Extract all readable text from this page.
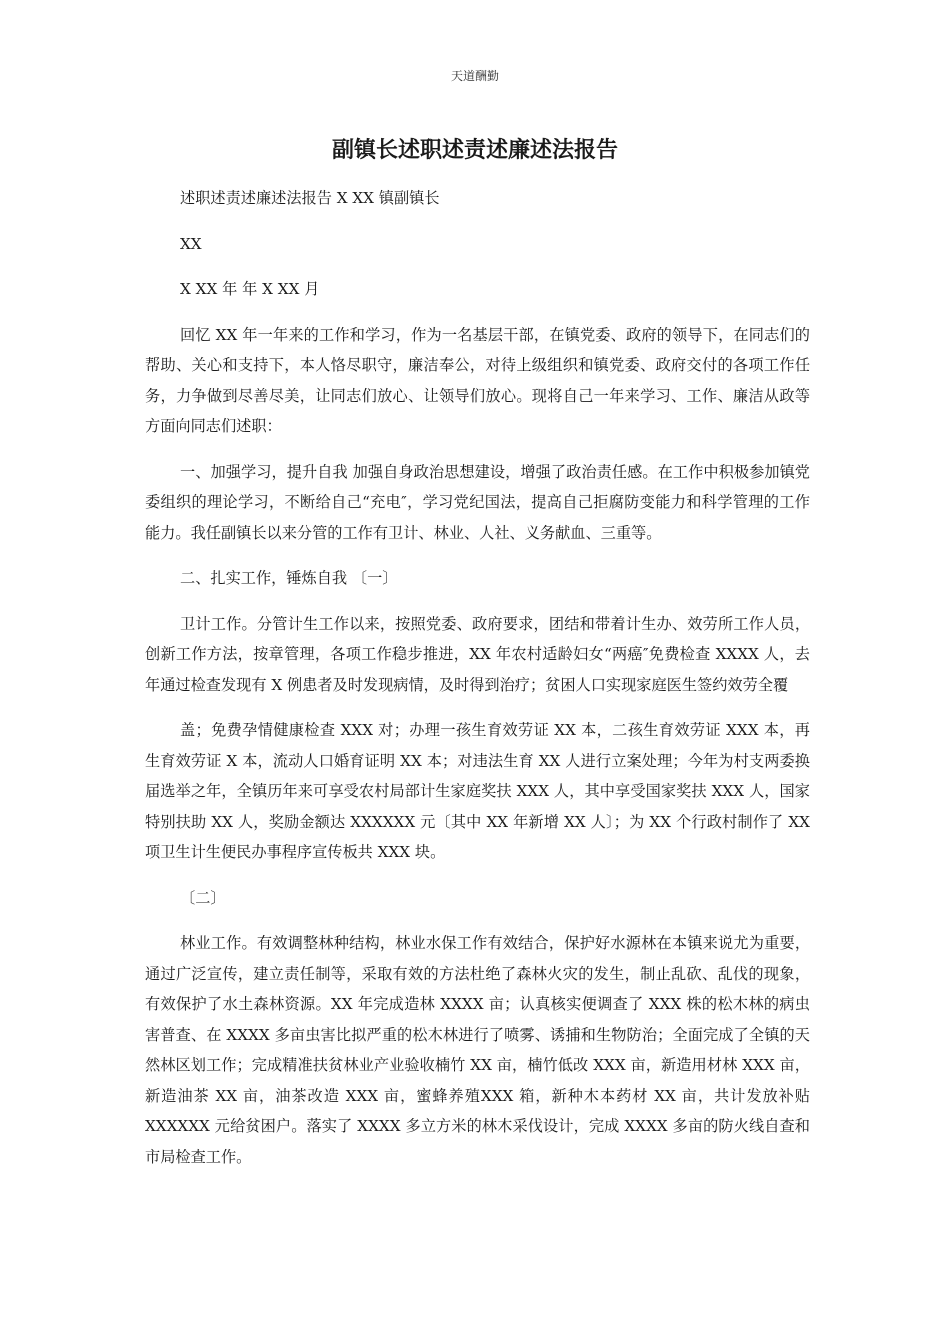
天道酬勤
副镇长述职述责述廉述法报告

述职述责述廉述法报告 X XX 镇副镇长

XX

X XX 年 年 X XX 月

回忆 XX 年一年来的工作和学习，作为一名基层干部，在镇党委、政府的领导下，在同志们的帮助、关心和支持下，本人恪尽职守，廉洁奉公，对待上级组织和镇党委、政府交付的各项工作任务，力争做到尽善尽美，让同志们放心、让领导们放心。现将自己一年来学习、工作、廉洁从政等方面向同志们述职：

一、加强学习，提升自我 加强自身政治思想建设，增强了政治责任感。在工作中积极参加镇党委组织的理论学习，不断给自己“充电″，学习党纪国法，提高自己拒腐防变能力和科学管理的工作能力。我任副镇长以来分管的工作有卫计、林业、人社、义务献血、三重等。

二、扎实工作，锤炼自我 〔一〕

卫计工作。分管计生工作以来，按照党委、政府要求，团结和带着计生办、效劳所工作人员，创新工作方法，按章管理，各项工作稳步推进，XX 年农村适龄妇女“两癌″免费检查 XXXX 人，去年通过检查发现有 X 例患者及时发现病情，及时得到治疗；贫困人口实现家庭医生签约效劳全覆

盖；免费孕情健康检查 XXX 对；办理一孩生育效劳证 XX 本，二孩生育效劳证 XXX 本，再生育效劳证 X 本，流动人口婚育证明 XX 本；对违法生育 XX 人进行立案处理；今年为村支两委换届选举之年，全镇历年来可享受农村局部计生家庭奖扶 XXX 人，其中享受国家奖扶 XXX 人，国家特别扶助 XX 人，奖励金额达 XXXXXX 元〔其中 XX 年新增 XX 人〕；为 XX 个行政村制作了 XX 项卫生计生便民办事程序宣传板共 XXX 块。

〔二〕

林业工作。有效调整林种结构，林业水保工作有效结合，保护好水源林在本镇来说尤为重要，通过广泛宣传，建立责任制等，采取有效的方法杜绝了森林火灾的发生，制止乱砍、乱伐的现象，有效保护了水土森林资源。XX 年完成造林 XXXX 亩；认真核实便调查了 XXX 株的松木林的病虫害普查、在 XXXX 多亩虫害比拟严重的松木林进行了喷雾、诱捕和生物防治；全面完成了全镇的天然林区划工作；完成精准扶贫林业产业验收楠竹 XX 亩，楠竹低改 XXX 亩，新造用材林 XXX 亩，新造油茶 XX 亩，油茶改造 XXX 亩，蜜蜂养殖XXX 箱，新种木本药材 XX 亩，共计发放补贴 XXXXXX 元给贫困户。落实了 XXXX 多立方米的林木采伐设计，完成 XXXX 多亩的防火线自查和市局检查工作。
